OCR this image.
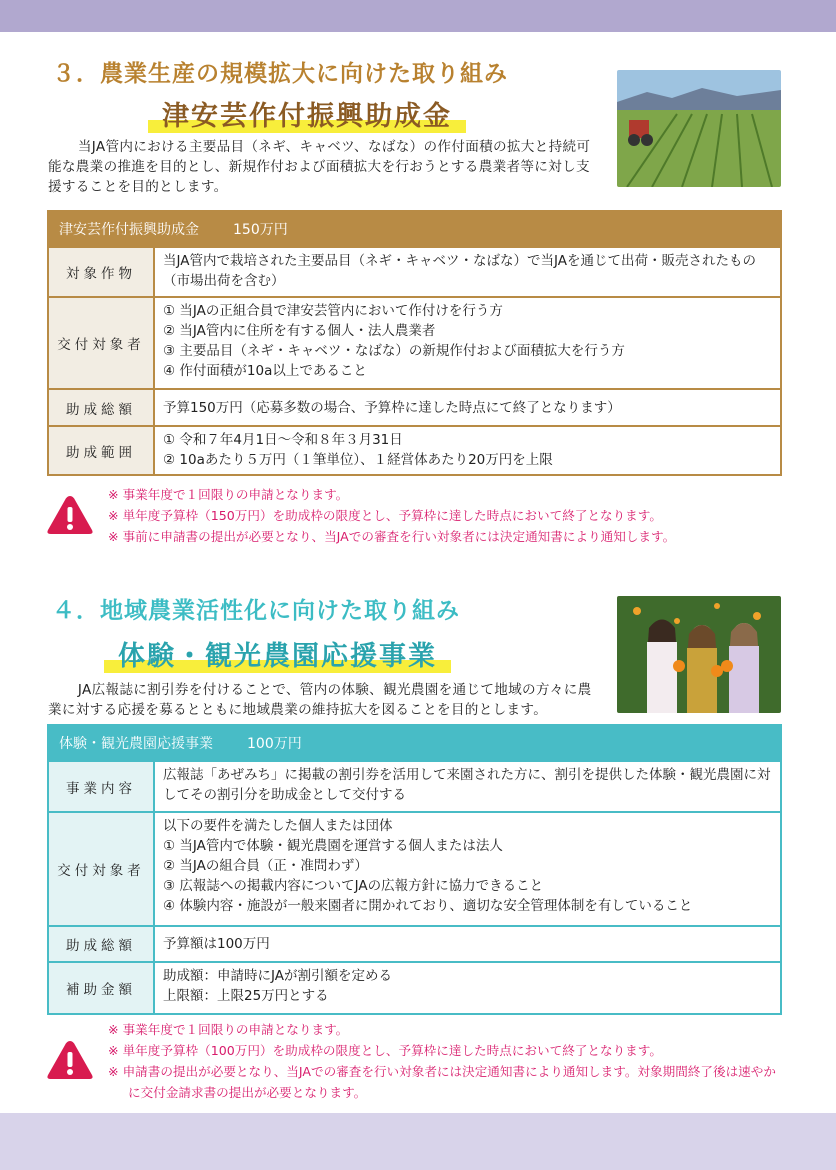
３．農業生産の規模拡大に向けた取り組み
津安芸作付振興助成金

当JA管内における主要品目（ネギ、キャベツ、なばな）の作付面積の拡大と持続可能な農業の推進を目的とし、新規作付および面積拡大を行おうとする農業者等に対し支援することを目的とします。

津安芸作付振興助成金 150万円
対象作物
当JA管内で栽培された主要品目（ネギ・キャベツ・なばな）で当JAを通じて出荷・販売されたもの（市場出荷を含む）
交付対象者
① 当JAの正組合員で津安芸管内において作付けを行う方
② 当JA管内に住所を有する個人・法人農業者
③ 主要品目（ネギ・キャベツ・なばな）の新規作付および面積拡大を行う方
④ 作付面積が10a以上であること
助成総額	予算150万円（応募多数の場合、予算枠に達した時点にて終了となります）
助成範囲
① 令和７年4月1日〜令和８年３月31日
② 10aあたり５万円（１筆単位）、１経営体あたり20万円を上限
※ 事業年度で１回限りの申請となります。
※ 単年度予算枠（150万円）を助成枠の限度とし、予算枠に達した時点において終了となります。
※ 事前に申請書の提出が必要となり、当JAでの審査を行い対象者には決定通知書により通知します。
４．地域農業活性化に向けた取り組み
体験・観光農園応援事業

JA広報誌に割引券を付けることで、管内の体験、観光農園を通じて地域の方々に農業に対する応援を募るとともに地域農業の維持拡大を図ることを目的とします。

体験・観光農園応援事業 100万円
事業内容
広報誌「あぜみち」に掲載の割引券を活用して来園された方に、割引を提供した体験・観光農園に対してその割引分を助成金として交付する
交付対象者
以下の要件を満たした個人または団体
① 当JA管内で体験・観光農園を運営する個人または法人
② 当JAの組合員（正・准問わず）
③ 広報誌への掲載内容についてJAの広報方針に協力できること
④ 体験内容・施設が一般来園者に開かれており、適切な安全管理体制を有していること
助成総額	予算額は100万円
補助金額
助成額：申請時にJAが割引額を定める
上限額：上限25万円とする
※ 事業年度で１回限りの申請となります。
※ 単年度予算枠（100万円）を助成枠の限度とし、予算枠に達した時点において終了となります。
※ 申請書の提出が必要となり、当JAでの審査を行い対象者には決定通知書により通知します。対象期間終了後は速やかに交付金請求書の提出が必要となります。
